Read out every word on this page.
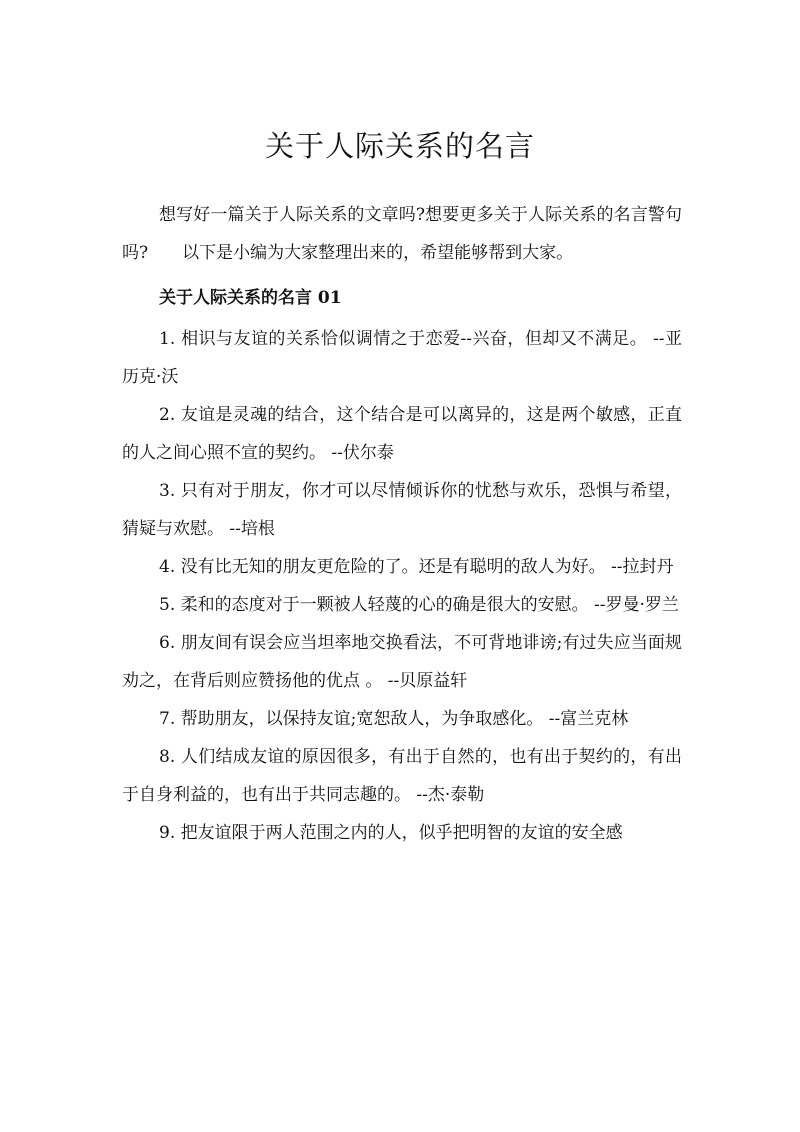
关于人际关系的名言
想写好一篇关于人际关系的文章吗?想要更多关于人际关系的名言警句吗? 以下是小编为大家整理出来的，希望能够帮到大家。
关于人际关系的名言 01

1. 相识与友谊的关系恰似调情之于恋爱--兴奋，但却又不满足。 --亚历克·沃

2. 友谊是灵魂的结合，这个结合是可以离异的，这是两个敏感，正直的人之间心照不宣的契约。 --伏尔泰

3. 只有对于朋友，你才可以尽情倾诉你的忧愁与欢乐，恐惧与希望，猜疑与欢慰。 --培根

4. 没有比无知的朋友更危险的了。还是有聪明的敌人为好。 --拉封丹

5. 柔和的态度对于一颗被人轻蔑的心的确是很大的安慰。 --罗曼·罗兰

6. 朋友间有误会应当坦率地交换看法，不可背地诽谤;有过失应当面规劝之，在背后则应赞扬他的优点 。 --贝原益轩

7. 帮助朋友，以保持友谊;宽恕敌人，为争取感化。 --富兰克林

8. 人们结成友谊的原因很多，有出于自然的，也有出于契约的，有出于自身利益的，也有出于共同志趣的。 --杰·泰勒

9. 把友谊限于两人范围之内的人，似乎把明智的友谊的安全感
